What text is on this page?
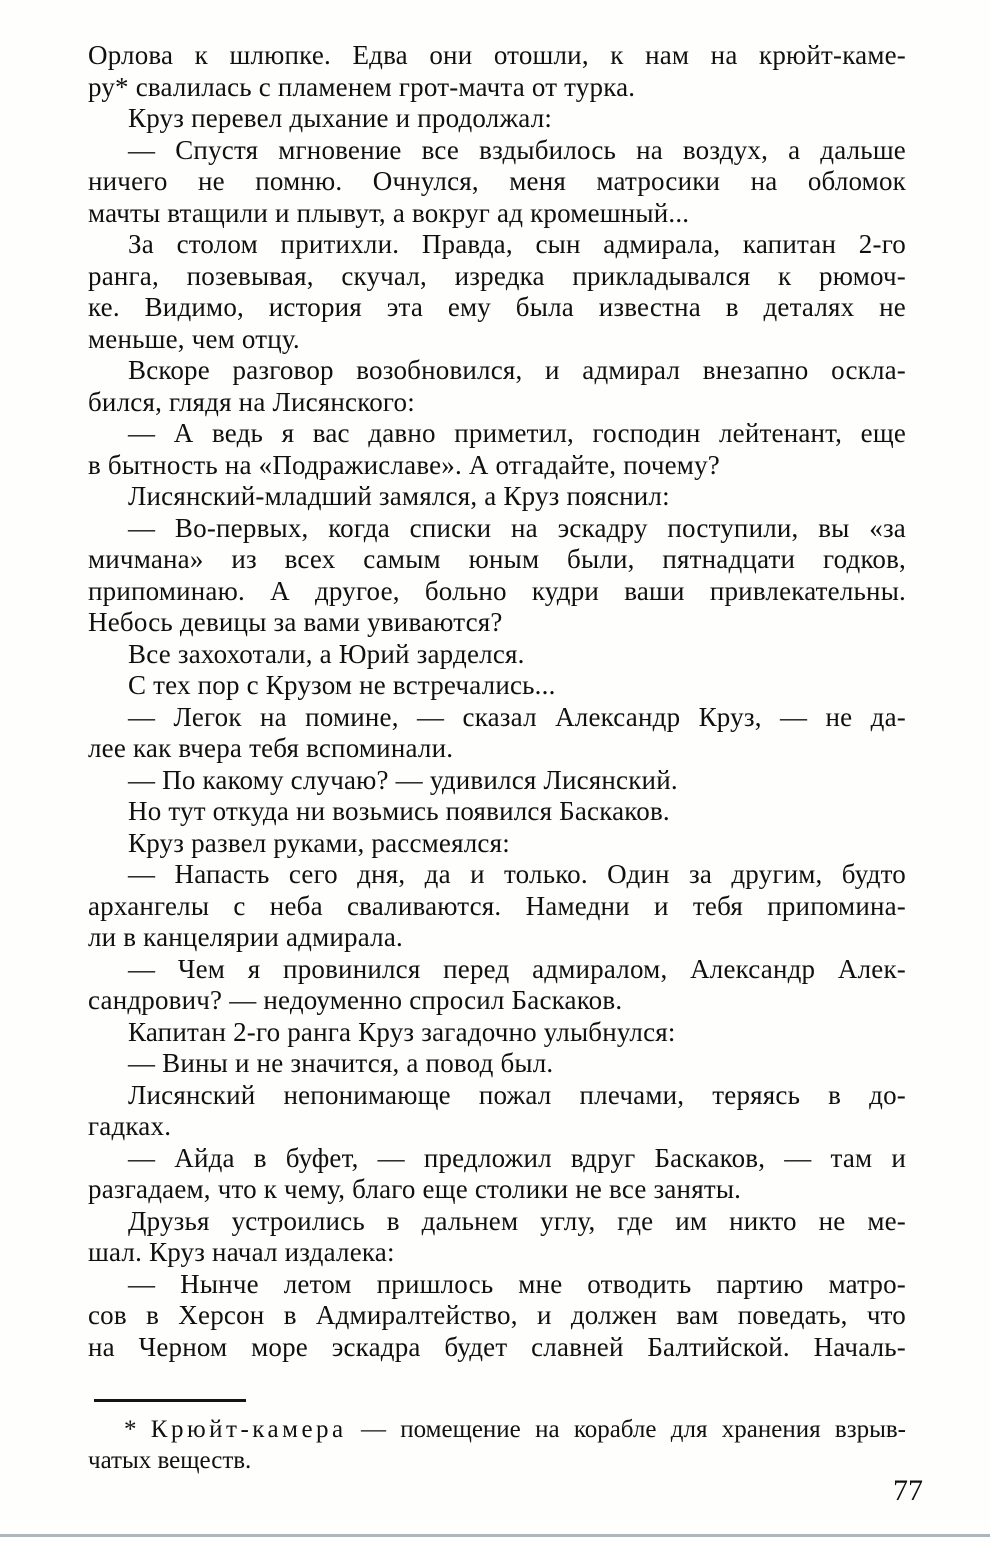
Орлова к шлюпке. Едва они отошли, к нам на крюйт-каме-
ру* свалилась с пламенем грот-мачта от турка.
Круз перевел дыхание и продолжал:
— Спустя мгновение все вздыбилось на воздух, а дальше
ничего не помню. Очнулся, меня матросики на обломок
мачты втащили и плывут, а вокруг ад кромешный...
За столом притихли. Правда, сын адмирала, капитан 2-го
ранга, позевывая, скучал, изредка прикладывался к рюмоч-
ке. Видимо, история эта ему была известна в деталях не
меньше, чем отцу.
Вскоре разговор возобновился, и адмирал внезапно оскла-
бился, глядя на Лисянского:
— А ведь я вас давно приметил, господин лейтенант, еще
в бытность на «Подражиславе». А отгадайте, почему?
Лисянский-младший замялся, а Круз пояснил:
— Во-первых, когда списки на эскадру поступили, вы «за
мичмана» из всех самым юным были, пятнадцати годков,
припоминаю. А другое, больно кудри ваши привлекательны.
Небось девицы за вами увиваются?
Все захохотали, а Юрий зарделся.
С тех пор с Крузом не встречались...
— Легок на помине, — сказал Александр Круз, — не да-
лее как вчера тебя вспоминали.
— По какому случаю? — удивился Лисянский.
Но тут откуда ни возьмись появился Баскаков.
Круз развел руками, рассмеялся:
— Напасть сего дня, да и только. Один за другим, будто
архангелы с неба сваливаются. Намедни и тебя припомина-
ли в канцелярии адмирала.
— Чем я провинился перед адмиралом, Александр Алек-
сандрович? — недоуменно спросил Баскаков.
Капитан 2-го ранга Круз загадочно улыбнулся:
— Вины и не значится, а повод был.
Лисянский непонимающе пожал плечами, теряясь в до-
гадках.
— Айда в буфет, — предложил вдруг Баскаков, — там и
разгадаем, что к чему, благо еще столики не все заняты.
Друзья устроились в дальнем углу, где им никто не ме-
шал. Круз начал издалека:
— Нынче летом пришлось мне отводить партию матро-
сов в Херсон в Адмиралтейство, и должен вам поведать, что
на Черном море эскадра будет славней Балтийской. Началь-
* Крюйт-камера — помещение на корабле для хранения взрыв-
чатых веществ.
77
